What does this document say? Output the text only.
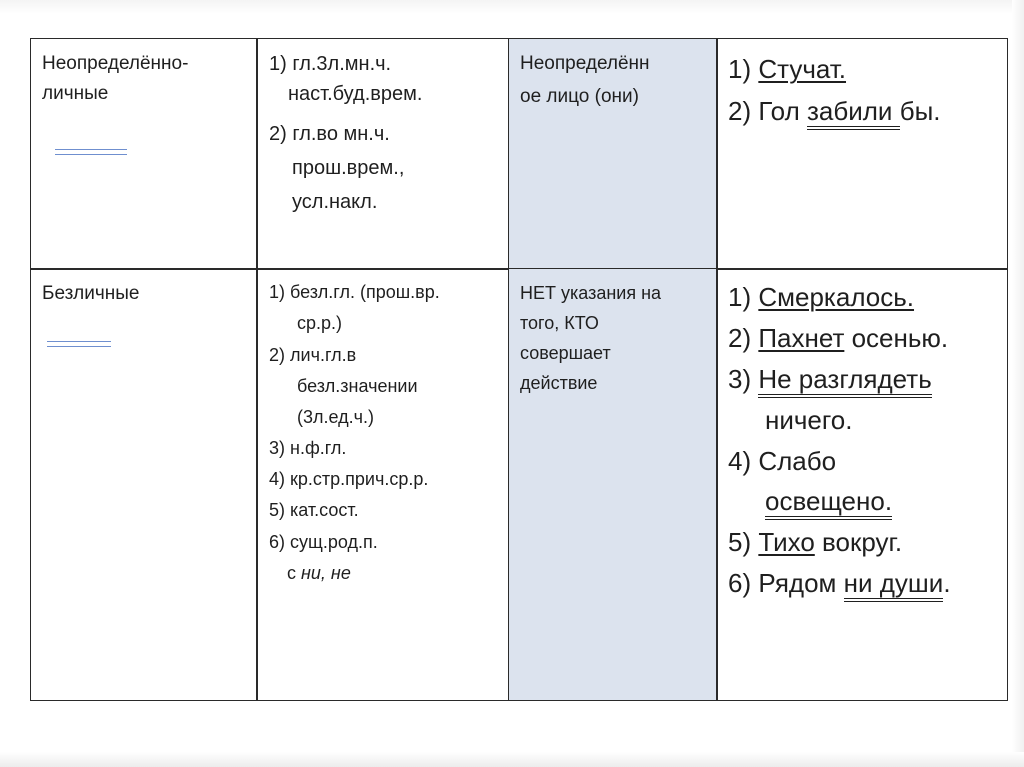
Неопределённо-
личные
1) гл.3л.мн.ч.
наст.буд.врем.
2) гл.во мн.ч.
прош.врем.,
усл.накл.
Неопределённ
ое лицо (они)
1) Стучат.
2) Гол забили бы.
Безличные	1) безл.гл. (прош.вр.
ср.р.)
2) лич.гл.в
безл.значении
(3л.ед.ч.)
3) н.ф.гл.
4) кр.стр.прич.ср.р.
5) кат.сост.
6) сущ.род.п.
с ни, не
НЕТ указания на
того, КТО
совершает
действие
1) Смеркалось.
2) Пахнет осенью.
3) Не разглядеть
ничего.
4) Слабо
освещено.
5) Тихо вокруг.
6) Рядом ни души.
